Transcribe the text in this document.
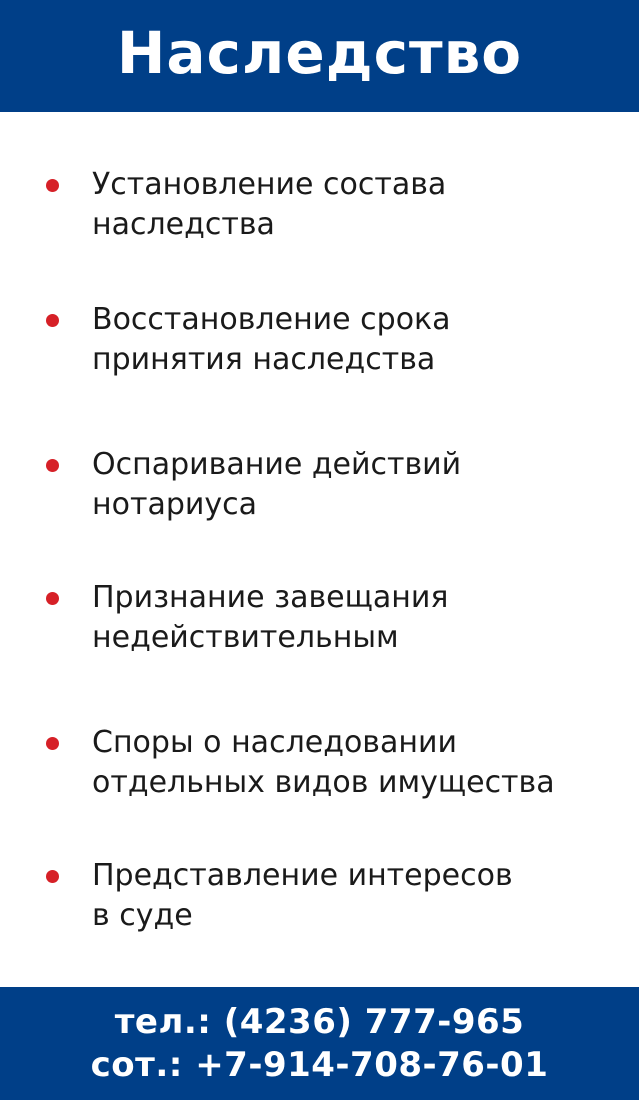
Наследство
Установление состава
наследства
Восстановление срока
принятия наследства
Оспаривание действий
нотариуса
Признание завещания
недействительным
Споры о наследовании
отдельных видов имущества
Представление интересов
в суде
тел.: (4236) 777-965
сот.: +7-914-708-76-01
